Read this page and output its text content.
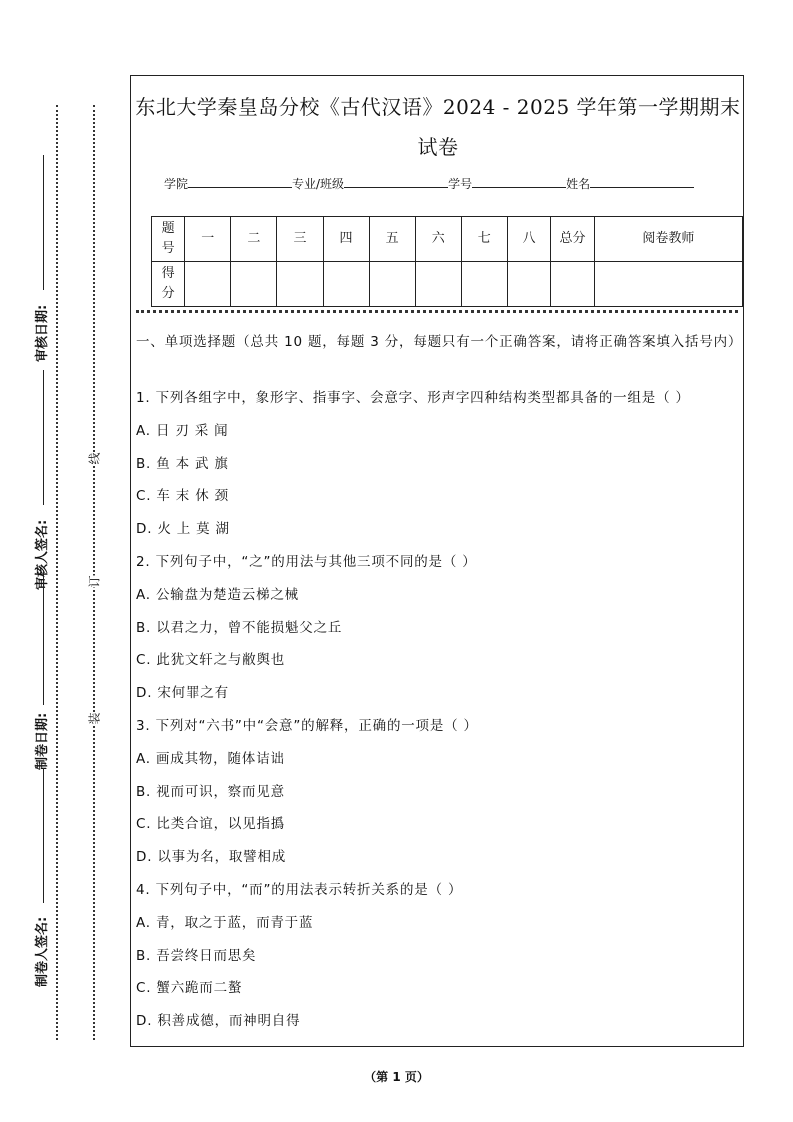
审核日期:
审核人签名:
制卷日期:
制卷人签名:
线
订
装
东北大学秦皇岛分校《古代汉语》2024 - 2025 学年第一学期期末
试卷
学院	专业/班级	学号	姓名
题号	一	二	三	四	五	六	七	八	总分	阅卷教师
得分										
一、单项选择题（总共 10 题，每题 3 分，每题只有一个正确答案，请将正确答案填入括号内）
1. 下列各组字中，象形字、指事字、会意字、形声字四种结构类型都具备的一组是（ ）
A. 日 刃 采 闻
B. 鱼 本 武 旗
C. 车 末 休 颈
D. 火 上 莫 湖
2. 下列句子中，“之”的用法与其他三项不同的是（ ）
A. 公输盘为楚造云梯之械
B. 以君之力，曾不能损魁父之丘
C. 此犹文轩之与敝舆也
D. 宋何罪之有
3. 下列对“六书”中“会意”的解释，正确的一项是（ ）
A. 画成其物，随体诘诎
B. 视而可识，察而见意
C. 比类合谊，以见指撝
D. 以事为名，取譬相成
4. 下列句子中，“而”的用法表示转折关系的是（ ）
A. 青，取之于蓝，而青于蓝
B. 吾尝终日而思矣
C. 蟹六跪而二螯
D. 积善成德，而神明自得
（第 1 页）
